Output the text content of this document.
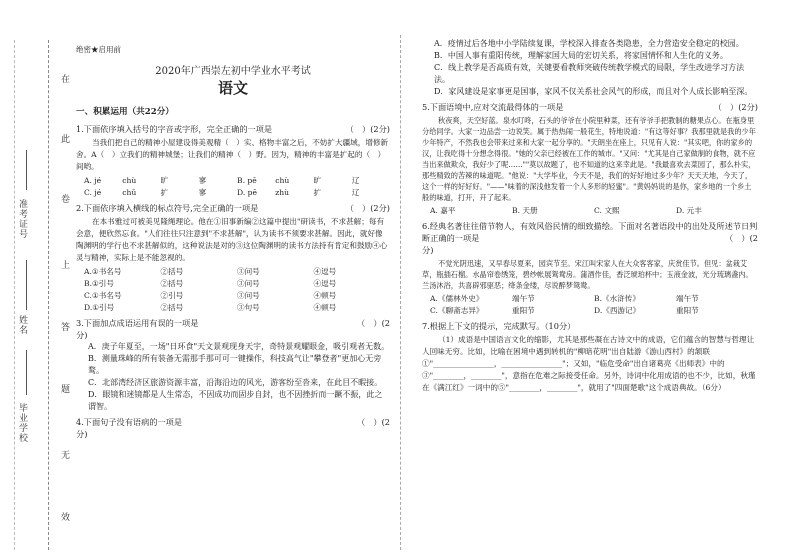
在
此
卷
上
答
题
无
效
准考证号
姓名
毕业学校
绝密★启用前
2020年广西崇左初中学业水平考试
语文
一、积累运用（共22分）

1.下面依序填入括号的字音或字形，完全正确的一项是	（　）(2分)

当我们把自己的精神小屋建设得美观精（　）实、格物丰富之后，不妨扩大疆域，增修新舍。A（　）立我们的精神城堡；让我们的精神（　）野。因为，精神的丰富是扩起的（　）间哟。

A. jé	chù	旷	寥	B. pē	chù	旷	辽
C. jé	chǔ	扩	寥	D. pē	zhù	扩	辽

2.下面依序填入横线的标点符号,完全正确的一项是	（　）(2分)

在本书雅过可被美见隆绳理论。他在①旧事新编②这篇中提出"研读书，不求甚解；每有会意，便欣然忘食。"人们往往只注意到"不求甚解"，认为读书不须要求甚解。因此，就好像陶渊明的学行也不求甚解似的，这种说法是对的③这位陶渊明的读书方法持有肯定和鼓励④心灵与精神，实际上是不能忽视的。

A.①书名号	②括号	③问号	④逗号
B.①引号	②括号	③问号	④逗号
C.①书名号	②引号	③问号	④顿号
D.①引号	②括号	③句号	④顿号

3.下面加点成语运用有误的一项是	（　）(2

分)

A．庚子年夏至，一场"日环食"天文景观现身天宇，奇特景观耀眼金，吸引观者无数。

B．测量珠峰的所有装备无需那手那可可一键操作，科技高气让"攀登者"更加心无旁鹜。

C．北部湾经济区旅游资源丰富，沿海沿边的风光，游客纷至沓来，在此目不暇接。

D．眼镜和迷镜都是人生常态，不因成功而固步自封，也不因挫折而一蹶不振，此之谓智。

4.下面句子没有语病的一项是	（　）(2

分)

A．疫情过后各地中小学陆续复课，学校深入排查各类隐患，全力营造安全稳定的校园。

B．中国人事有重阳传统，理解家国大局的宏切关系，将家国情怀和人生化的义务。

C．线上教学是否高质有效，关键要看教师突破传统教学模式的局限，学生改进学习方法法。

D．家风建设是家事更是国事，家风不仅关系社会风气的形成，而且对个人成长影响至深。

5.下面语境中,应对交流最得体的一项是	（　）(2分)

秋夜爽，天空好蓝。泉水叮咚，石头的爷爷在小院里种菜，还有爷爷手把教制的糖果点心。在瓶身里分给同学。大家一边品尝一边说笑。属于热热闹一般花生，特地说道："有这等好事？我那里就是我的少年少年特产，不然我也会带来过来和大家一起分享的。"天朗坐在座上，只见有人说："其实吧，你的家乡的汉，让我吃得十分想念得很。"她的父亲已经被在工作的城市。"又问："尤其是自己家做制的食物，就不应当出来做欺众，我好少了呢……""莫以故题了，也不知道的这来幸此是。"我最喜欢去菜园了，那么朴实，那些精致的苦辣的味道呢。"他说："大学毕业，今天不是，我们的好好地过多少年？天天天地，今天了，这个一样的好好好。"——"味着的深浅他发着一个人多形的轻蜜"。"黄妈妈说的是你，家乡地的一个乡土般的味道，打开，开了起来。

A. 嘉平	B. 天册	C. 文熙	D. 元丰

6.经典名著往往借节物人，有效风俗民情的细致描绘。下面对名著语段中的出处及所述节日判断正确的一项是	（　）(2

分)

不觉光阴迅速，又早春尽夏来，园宾节至。宋江叫宋家人在大众客客家，庆赏佳节。但见：盆栽艾草，瓶插石榴。水晶帘卷绣笼，碧纱帐展鸳鸯房。蒲酒作佳，香泛琥珀杯中；玉液金波，光分琉璃盏内。兰汤沐浴，共喜辟邪驱恶；绛条金缕，尽说醉梦鸳鸯。

A.《儒林外史》	端午节	B.《水浒传》	端午节
C.《聊斋志异》	重阳节	D.《西游记》	重阳节

7.根据上下文的提示，完成默写。（10分）

（1）成语是中国语言文化的缩影，尤其是那些凝在古诗文中的成语，它们蕴含的智慧与哲理让人回味无穷。比如，比喻在困境中遇到转机的"柳暗花明"出自陆游《游山西村》的颔联①"________________，________________"；又如，"临危受命"出自诸葛亮《出师表》中的③"________，________"，意指在危难之际接受任命。另外，诗词中化用成语的也不少，比如，秋瑾在《满江红》一词中的⑤"________，________"，就用了"四面楚歌"这个成语典故。（6分）
